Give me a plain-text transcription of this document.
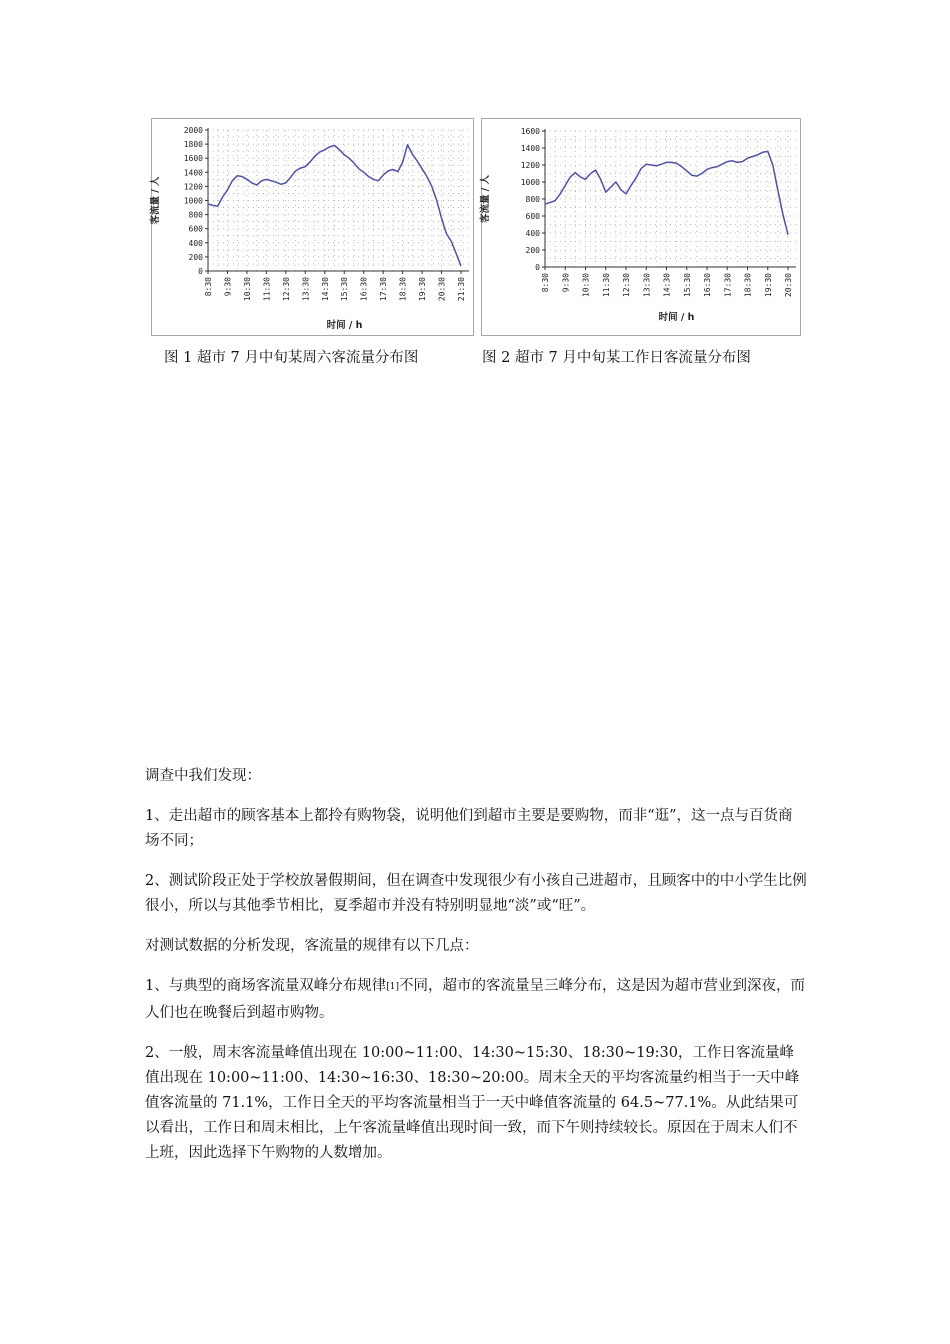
0
200
400
600
800
1000
1200
1400
1600
1800
2000
8:30 9:30 10:30 11:30 12:30 13:30 14:30 15:30 16:30 17:30 18:30 19:30 20:30 21:30
时间 / h
客流量 / 人
0
200
400
600
800
1000
1200
1400
1600
8:30 9:30 10:30 11:30 12:30 13:30 14:30 15:30 16:30 17:30 18:30 19:30 20:30
时间 / h
客流量 / 人
图 1 超市 7 月中旬某周六客流量分布图	图 2 超市 7 月中旬某工作日客流量分布图

调查中我们发现：

1、走出超市的顾客基本上都拎有购物袋，说明他们到超市主要是要购物，而非“逛”，这一点与百货商场不同；

2、测试阶段正处于学校放暑假期间，但在调查中发现很少有小孩自己进超市，且顾客中的中小学生比例很小，所以与其他季节相比，夏季超市并没有特别明显地“淡”或“旺”。

对测试数据的分析发现，客流量的规律有以下几点：

1、与典型的商场客流量双峰分布规律[1]不同，超市的客流量呈三峰分布，这是因为超市营业到深夜，而人们也在晚餐后到超市购物。

2、一般，周末客流量峰值出现在 10:00~11:00、14:30~15:30、18:30~19:30，工作日客流量峰值出现在 10:00~11:00、14:30~16:30、18:30~20:00。周末全天的平均客流量约相当于一天中峰值客流量的 71.1%，工作日全天的平均客流量相当于一天中峰值客流量的 64.5~77.1%。从此结果可以看出，工作日和周末相比，上午客流量峰值出现时间一致，而下午则持续较长。原因在于周末人们不上班，因此选择下午购物的人数增加。
